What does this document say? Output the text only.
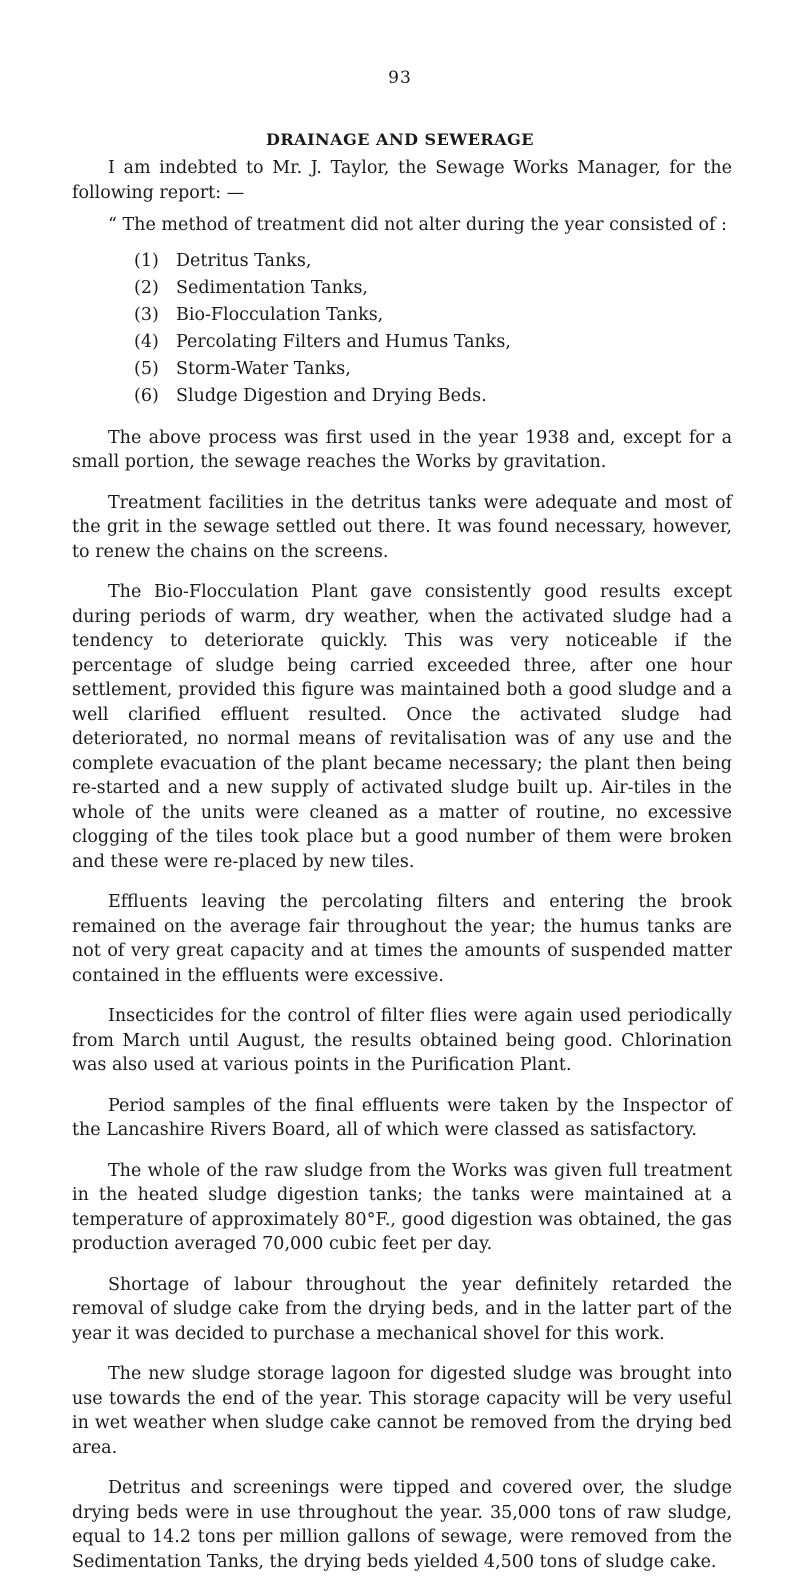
93
DRAINAGE AND SEWERAGE

I am indebted to Mr. J. Taylor, the Sewage Works Manager, for the following report: —

“ The method of treatment did not alter during the year consisted of :

(1) Detritus Tanks,
(2) Sedimentation Tanks,
(3) Bio-Flocculation Tanks,
(4) Percolating Filters and Humus Tanks,
(5) Storm-Water Tanks,
(6) Sludge Digestion and Drying Beds.

The above process was first used in the year 1938 and, except for a small portion, the sewage reaches the Works by gravitation.

Treatment facilities in the detritus tanks were adequate and most of the grit in the sewage settled out there. It was found necessary, however, to renew the chains on the screens.

The Bio-Flocculation Plant gave consistently good results except during periods of warm, dry weather, when the activated sludge had a tendency to deteriorate quickly. This was very noticeable if the percentage of sludge being carried exceeded three, after one hour settlement, provided this figure was maintained both a good sludge and a well clarified effluent resulted. Once the activated sludge had deteriorated, no normal means of revitalisation was of any use and the complete evacuation of the plant became necessary; the plant then being re-started and a new supply of activated sludge built up. Air-tiles in the whole of the units were cleaned as a matter of routine, no excessive clogging of the tiles took place but a good number of them were broken and these were re-placed by new tiles.

Effluents leaving the percolating filters and entering the brook remained on the average fair throughout the year; the humus tanks are not of very great capacity and at times the amounts of suspended matter contained in the effluents were excessive.

Insecticides for the control of filter flies were again used periodically from March until August, the results obtained being good. Chlorination was also used at various points in the Purification Plant.

Period samples of the final effluents were taken by the Inspector of the Lancashire Rivers Board, all of which were classed as satisfactory.

The whole of the raw sludge from the Works was given full treatment in the heated sludge digestion tanks; the tanks were maintained at a temperature of approximately 80°F., good digestion was obtained, the gas production averaged 70,000 cubic feet per day.

Shortage of labour throughout the year definitely retarded the removal of sludge cake from the drying beds, and in the latter part of the year it was decided to purchase a mechanical shovel for this work.

The new sludge storage lagoon for digested sludge was brought into use towards the end of the year. This storage capacity will be very useful in wet weather when sludge cake cannot be removed from the drying bed area.

Detritus and screenings were tipped and covered over, the sludge drying beds were in use throughout the year. 35,000 tons of raw sludge, equal to 14.2 tons per million gallons of sewage, were removed from the Sedimentation Tanks, the drying beds yielded 4,500 tons of sludge cake.
